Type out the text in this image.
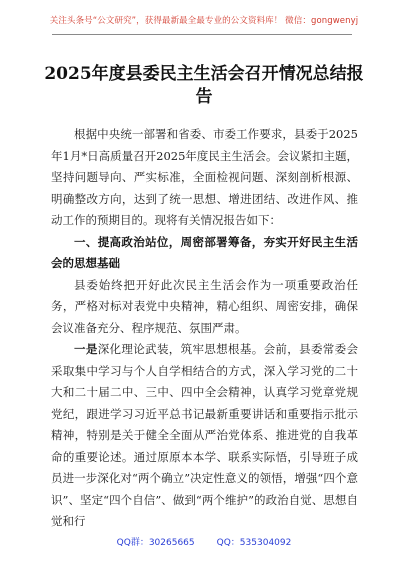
关注头条号“公文研究”，获得最新最全最专业的公文资料库！ 微信：gongwenyj
2025年度县委民主生活会召开情况总结报告

根据中央统一部署和省委、市委工作要求，县委于2025年1月*日高质量召开2025年度民主生活会。会议紧扣主题，坚持问题导向、严实标准，全面检视问题、深刻剖析根源、明确整改方向，达到了统一思想、增进团结、改进作风、推动工作的预期目的。现将有关情况报告如下：

一、提高政治站位，周密部署筹备，夯实开好民主生活会的思想基础

县委始终把开好此次民主生活会作为一项重要政治任务，严格对标对表党中央精神，精心组织、周密安排，确保会议准备充分、程序规范、氛围严肃。

一是深化理论武装，筑牢思想根基。会前，县委常委会采取集中学习与个人自学相结合的方式，深入学习党的二十大和二十届二中、三中、四中全会精神，认真学习党章党规党纪，跟进学习习近平总书记最新重要讲话和重要指示批示精神，特别是关于健全全面从严治党体系、推进党的自我革命的重要论述。通过原原本本学、联系实际悟，引导班子成员进一步深化对“两个确立”决定性意义的领悟，增强“四个意识”、坚定“四个自信”、做到“两个维护”的政治自觉、思想自觉和行

QQ群：30265665 QQ：535304092
